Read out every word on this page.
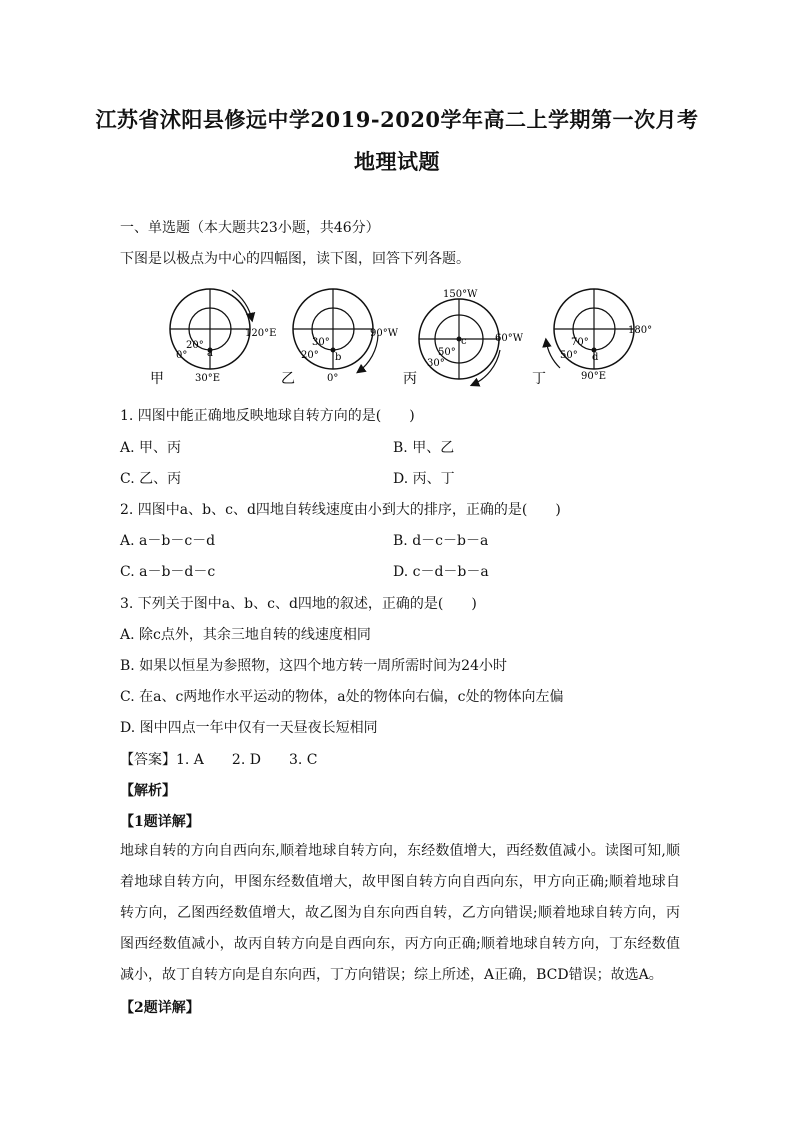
江苏省沭阳县修远中学2019-2020学年高二上学期第一次月考
地理试题
一、单选题（本大题共23小题，共46分）
下图是以极点为中心的四幅图，读下图，回答下列各题。
20°
a
0°
120°E
30°E
甲
30°
b
20°
90°W
0°
乙
150°W
c
50°
30°
60°W
丙
70°
d
50°
180°
90°E
丁
1. 四图中能正确地反映地球自转方向的是(　　)
A. 甲、丙	B. 甲、乙
C. 乙、丙	D. 丙、丁
2. 四图中a、b、c、d四地自转线速度由小到大的排序，正确的是(　　)
A. a－b－c－d	B. d－c－b－a
C. a－b－d－c	D. c－d－b－a
3. 下列关于图中a、b、c、d四地的叙述，正确的是(　　)
A. 除c点外，其余三地自转的线速度相同
B. 如果以恒星为参照物，这四个地方转一周所需时间为24小时
C. 在a、c两地作水平运动的物体，a处的物体向右偏，c处的物体向左偏
D. 图中四点一年中仅有一天昼夜长短相同
【答案】1. A　　2. D　　3. C
【解析】
【1题详解】
地球自转的方向自西向东,顺着地球自转方向，东经数值增大，西经数值减小。读图可知,顺着地球自转方向，甲图东经数值增大，故甲图自转方向自西向东，甲方向正确;顺着地球自转方向，乙图西经数值增大，故乙图为自东向西自转，乙方向错误;顺着地球自转方向，丙图西经数值减小，故丙自转方向是自西向东，丙方向正确;顺着地球自转方向，丁东经数值减小，故丁自转方向是自东向西，丁方向错误；综上所述，A正确，BCD错误；故选A。
【2题详解】
